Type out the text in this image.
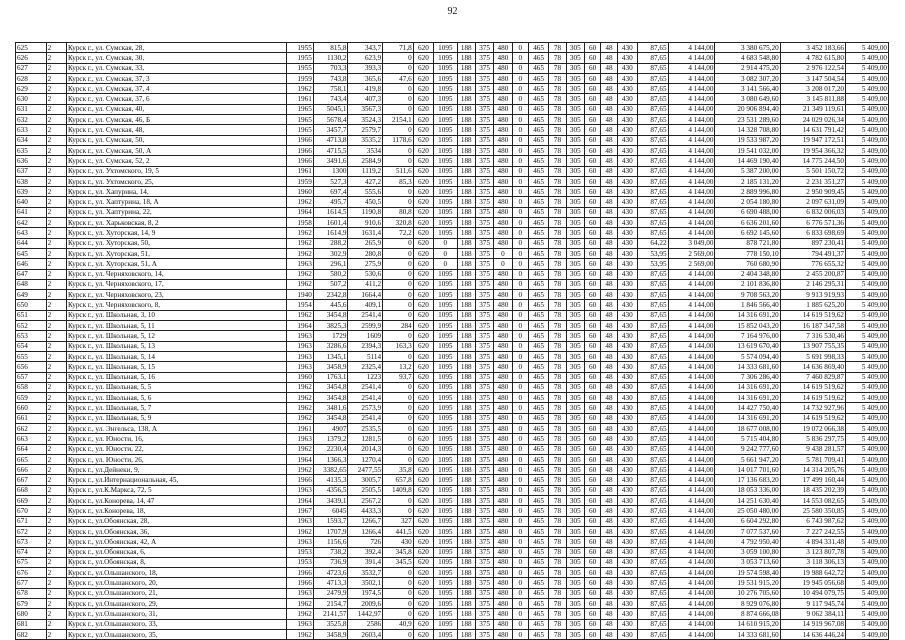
92
625	2	Курск г., ул. Сумская, 28,	1955	815,8	343,7	71,8	620	1095	188	375	480	0	465	78	305	60	48	430	87,65	4 144,00	3 380 675,20	3 452 183,66	5 409,00
626	2	Курск г., ул. Сумская, 30,	1955	1130,2	623,9	0	620	1095	188	375	480	0	465	78	305	60	48	430	87,65	4 144,00	4 683 548,80	4 782 615,80	5 409,00
627	2	Курск г., ул. Сумская, 33,	1955	703,3	393,3	0	620	1095	188	375	480	0	465	78	305	60	48	430	87,65	4 144,00	2 914 475,20	2 976 122,54	5 409,00
628	2	Курск г., ул. Сумская, 37, 3	1959	743,8	365,6	47,6	620	1095	188	375	480	0	465	78	305	60	48	430	87,65	4 144,00	3 082 307,20	3 147 504,54	5 409,00
629	2	Курск г., ул. Сумская, 37, 4	1962	758,1	419,8	0	620	1095	188	375	480	0	465	78	305	60	48	430	87,65	4 144,00	3 141 566,40	3 208 017,20	5 409,00
630	2	Курск г., ул. Сумская, 37, 6	1961	743,4	407,3	0	620	1095	188	375	480	0	465	78	305	60	48	430	87,65	4 144,00	3 080 649,60	3 145 811,88	5 409,00
631	2	Курск г., ул. Сумская, 40,	1965	5045,1	3567,3	0	620	1095	188	375	480	0	465	78	305	60	48	430	87,65	4 144,00	20 906 894,40	21 349 119,61	5 409,00
632	2	Курск г., ул. Сумская, 46, Б	1965	5678,4	3524,3	2154,1	620	1095	188	375	480	0	465	78	305	60	48	430	87,65	4 144,00	23 531 289,60	24 029 026,34	5 409,00
633	2	Курск г., ул. Сумская, 48,	1965	3457,7	2579,7	0	620	1095	188	375	480	0	465	78	305	60	48	430	87,65	4 144,00	14 328 708,80	14 631 791,42	5 409,00
634	2	Курск г., ул. Сумская, 50,	1966	4713,8	3535,2	1178,6	620	1095	188	375	480	0	465	78	305	60	48	430	87,65	4 144,00	19 533 987,20	19 947 172,51	5 409,00
635	2	Курск г., ул. Сумская, 50, А	1966	4715,5	3534	0	620	1095	188	375	480	0	465	78	305	60	48	430	87,65	4 144,00	19 541 032,00	19 954 366,32	5 409,00
636	2	Курск г., ул. Сумская, 52, 2	1966	3491,6	2584,9	0	620	1095	188	375	480	0	465	78	305	60	48	430	87,65	4 144,00	14 469 190,40	14 775 244,50	5 409,00
637	2	Курск г., ул. Ухтомского, 19, 5	1961	1300	1119,2	511,6	620	1095	188	375	480	0	465	78	305	60	48	430	87,65	4 144,00	5 387 200,00	5 501 150,72	5 409,00
638	2	Курск г., ул. Ухтомского, 25,	1959	527,3	427,2	85,3	620	1095	188	375	480	0	465	78	305	60	48	430	87,65	4 144,00	2 185 131,20	2 231 351,27	5 409,00
639	2	Курск г., ул. Хапурина, 14,	1960	697,4	555,6	0	620	1095	188	375	480	0	465	78	305	60	48	430	87,65	4 144,00	2 889 996,80	2 950 909,45	5 409,00
640	2	Курск г., ул. Хаптурина, 18, А	1962	495,7	450,5	0	620	1095	188	375	480	0	465	78	305	60	48	430	87,65	4 144,00	2 054 180,80	2 097 631,09	5 409,00
641	2	Курск г., ул. Хаптурина, 22,	1964	1614,5	1190,8	80,8	620	1095	188	375	480	0	465	78	305	60	48	430	87,65	4 144,00	6 690 488,00	6 832 006,03	5 409,00
642	2	Курск г., ул. Харьковская, 8, 2	1958	1601,4	910,6	320,8	620	1095	188	375	480	0	465	78	305	60	48	430	87,65	4 144,00	6 636 201,60	6 776 571,36	5 409,00
643	2	Курск г., ул. Хуторская, 14, 9	1962	1614,9	1631,4	72,2	620	1095	188	375	480	0	465	78	305	60	48	430	87,65	4 144,00	6 692 145,60	6 833 698,69	5 409,00
644	2	Курск г., ул. Хуторская, 50,	1962	288,2	265,9	0	620	0	188	375	480	0	465	78	305	60	48	430	64,22	3 049,00	878 721,80	897 230,41	5 409,00
645	2	Курск г., ул. Хуторская, 51,	1962	302,9	280,8	0	620	0	188	375	0	0	465	78	305	60	48	430	53,95	2 569,00	778 150,10	794 491,37	5 409,00
646	2	Курск г., ул. Хуторская, 51, А	1963	296,1	275,9	0	620	0	188	375	0	0	465	78	305	60	48	430	53,95	2 569,00	760 680,90	776 655,32	5 409,00
647	2	Курск г., ул. Черняховского, 14,	1962	580,2	530,6	0	620	1095	188	375	480	0	465	78	305	60	48	430	87,65	4 144,00	2 404 348,80	2 455 200,87	5 409,00
648	2	Курск г., ул. Черняховского, 17,	1962	507,2	411,2	0	620	1095	188	375	480	0	465	78	305	60	48	430	87,65	4 144,00	2 101 836,80	2 146 295,31	5 409,00
649	2	Курск г., ул. Черняховского, 23,	1940	2342,8	1664,4	0	620	1095	188	375	480	0	465	78	305	60	48	430	87,65	4 144,00	9 708 563,20	9 913 919,93	5 409,00
650	2	Курск г., ул. Черняховского, 8,	1954	445,6	409,1	0	620	1095	188	375	480	0	465	78	305	60	48	430	87,65	4 144,00	1 846 566,40	1 885 625,20	5 409,00
651	2	Курск г., ул. Школьная, 3, 10	1962	3454,8	2541,4	0	620	1095	188	375	480	0	465	78	305	60	48	430	87,65	4 144,00	14 316 691,20	14 619 519,62	5 409,00
652	2	Курск г., ул. Школьная, 5, 11	1964	3825,3	2599,9	284	620	1095	188	375	480	0	465	78	305	60	48	430	87,65	4 144,00	15 852 043,20	16 187 347,58	5 409,00
653	2	Курск г., ул. Школьная, 5, 12	1963	1729	1609	0	620	1095	188	375	480	0	465	78	305	60	48	430	87,65	4 144,00	7 164 976,00	7 316 530,46	5 409,00
654	2	Курск г., ул. Школьная, 5, 13	1963	3286,6	2394,3	163,3	620	1095	188	375	480	0	465	78	305	60	48	430	87,65	4 144,00	13 619 670,40	13 907 755,35	5 409,00
655	2	Курск г., ул. Школьная, 5, 14	1963	1345,1	5114	0	620	1095	188	375	480	0	465	78	305	60	48	430	87,65	4 144,00	5 574 094,40	5 691 998,33	5 409,00
656	2	Курск г., ул. Школьная, 5, 15	1963	3458,9	2325,4	13,2	620	1095	188	375	480	0	465	78	305	60	48	430	87,65	4 144,00	14 333 681,60	14 636 869,40	5 409,00
657	2	Курск г., ул. Школьная, 5, 16	1960	1763,1	1223	93,7	620	1095	188	375	480	0	465	78	305	60	48	430	87,65	4 144,00	7 306 286,40	7 460 829,87	5 409,00
658	2	Курск г., ул. Школьная, 5, 5	1962	3454,8	2541,4	0	620	1095	188	375	480	0	465	78	305	60	48	430	87,65	4 144,00	14 316 691,20	14 619 519,62	5 409,00
659	2	Курск г., ул. Школьная, 5, 6	1962	3454,8	2541,4	0	620	1095	188	375	480	0	465	78	305	60	48	430	87,65	4 144,00	14 316 691,20	14 619 519,62	5 409,00
660	2	Курск г., ул. Школьная, 5, 7	1962	3481,6	2573,9	0	620	1095	188	375	480	0	465	78	305	60	48	430	87,65	4 144,00	14 427 750,40	14 732 927,96	5 409,00
661	2	Курск г., ул. Школьная, 5, 9	1962	3454,8	2541,4	0	620	1095	188	375	480	0	465	78	305	60	48	430	87,65	4 144,00	14 316 691,20	14 619 519,62	5 409,00
662	2	Курск г., ул. Энгельса, 138, А	1961	4907	2535,5	0	620	1095	188	375	480	0	465	78	305	60	48	430	87,65	4 144,00	18 677 008,00	19 072 066,38	5 409,00
663	2	Курск г., ул. Юности, 16,	1963	1379,2	1281,5	0	620	1095	188	375	480	0	465	78	305	60	48	430	87,65	4 144,00	5 715 404,80	5 836 297,75	5 409,00
664	2	Курск г., ул. Юности, 22,	1962	2230,4	2014,3	0	620	1095	188	375	480	0	465	78	305	60	48	430	87,65	4 144,00	9 242 777,60	9 438 281,57	5 409,00
665	2	Курск г., ул. Юности, 26,	1964	1366,3	1270,4	0	620	1095	188	375	480	0	465	78	305	60	48	430	87,65	4 144,00	5 661 947,20	5 781 709,41	5 409,00
666	2	Курск г., ул.Дейнеки, 9,	1962	3382,65	2477,55	35,8	620	1095	188	375	480	0	465	78	305	60	48	430	87,65	4 144,00	14 017 701,60	14 314 205,76	5 409,00
667	2	Курск г., ул.Интернациональная, 45,	1966	4135,3	3005,7	657,8	620	1095	188	375	480	0	465	78	305	60	48	430	87,65	4 144,00	17 136 683,20	17 499 160,44	5 409,00
668	2	Курск г., ул.К.Маркса, 72, 5	1963	4356,5	2505,5	1409,8	620	1095	188	375	480	0	465	78	305	60	48	430	87,65	4 144,00	18 053 336,00	18 435 202,39	5 409,00
669	2	Курск г., ул.Конорева, 14, 47	1964	3439,1	2567,2	0	620	1095	188	375	480	0	465	78	305	60	48	430	87,65	4 144,00	14 251 630,40	14 553 082,65	5 409,00
670	2	Курск г., ул.Конорева, 18,	1967	6045	4433,3	0	620	1095	188	375	480	0	465	78	305	60	48	430	87,65	4 144,00	25 050 480,00	25 580 350,85	5 409,00
671	2	Курск г., ул.Обоянская, 28,	1963	1593,7	1266,7	327	620	1095	188	375	480	0	465	78	305	60	48	430	87,65	4 144,00	6 604 292,80	6 743 987,62	5 409,00
672	2	Курск г., ул.Обоянская, 36,	1962	1707,9	1266,4	441,5	620	1095	188	375	480	0	465	78	305	60	48	430	87,65	4 144,00	7 077 537,60	7 227 242,55	5 409,00
673	2	Курск г., ул.Обоянская, 42, А	1963	1156,6	726	430	620	1095	188	375	480	0	465	78	305	60	48	430	87,65	4 144,00	4 792 950,40	4 894 331,48	5 409,00
674	2	Курск г., ул.Обоянская, 6,	1953	738,2	392,4	345,8	620	1095	188	375	480	0	465	78	305	60	48	430	87,65	4 144,00	3 059 100,80	3 123 807,78	5 409,00
675	2	Курск г., ул.Обоянская, 8,	1953	736,9	391,4	345,5	620	1095	188	375	480	0	465	78	305	60	48	430	87,65	4 144,00	3 053 713,60	3 118 306,13	5 409,00
676	2	Курск г., ул.Ольшанского, 18,	1966	4723,6	3532,7	0	620	1095	188	375	480	0	465	78	305	60	48	430	87,65	4 144,00	19 574 598,40	19 988 642,72	5 409,00
677	2	Курск г., ул.Ольшанского, 20,	1966	4713,3	3502,1	0	620	1095	188	375	480	0	465	78	305	60	48	430	87,65	4 144,00	19 531 915,20	19 945 056,68	5 409,00
678	2	Курск г., ул.Ольшанского, 21,	1963	2479,9	1974,5	0	620	1095	188	375	480	0	465	78	305	60	48	430	87,65	4 144,00	10 276 705,60	10 494 079,75	5 409,00
679	2	Курск г., ул.Ольшанского, 29,	1962	2154,7	2009,6	0	620	1095	188	375	480	0	465	78	305	60	48	430	87,65	4 144,00	8 929 076,80	9 117 945,74	5 409,00
680	2	Курск г., ул.Ольшанского, 31,	1962	2141,57	1442,97	0	620	1095	188	375	480	0	465	78	305	60	48	430	87,65	4 144,00	8 874 666,08	9 062 384,11	5 409,00
681	2	Курск г., ул.Ольшанского, 33,	1963	3525,8	2586	40,9	620	1095	188	375	480	0	465	78	305	60	48	430	87,65	4 144,00	14 610 915,20	14 919 967,08	5 409,00
682	2	Курск г., ул.Ольшанского, 35,	1962	3458,9	2603,4	0	620	1095	188	375	480	0	465	78	305	60	48	430	87,65	4 144,00	14 333 681,60	14 636 446,24	5 409,00
